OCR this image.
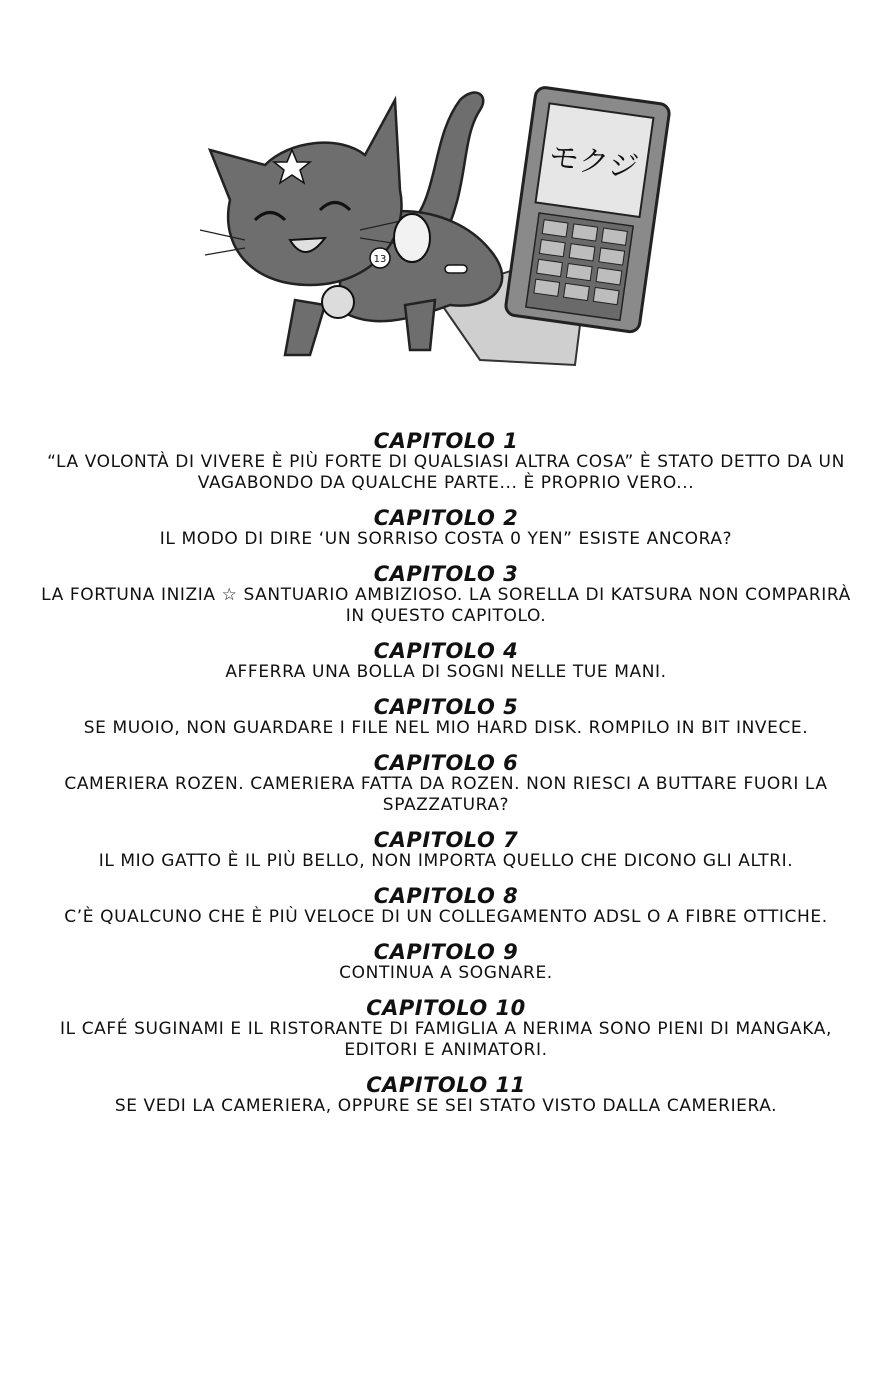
モクジ
13
CAPITOLO 1
“LA VOLONTÀ DI VIVERE È PIÙ FORTE DI QUALSIASI ALTRA COSA” È STATO DETTO DA UN VAGABONDO DA QUALCHE PARTE... È PROPRIO VERO...
CAPITOLO 2
IL MODO DI DIRE ‘UN SORRISO COSTA 0 YEN” ESISTE ANCORA?
CAPITOLO 3
LA FORTUNA INIZIA ☆ SANTUARIO AMBIZIOSO. LA SORELLA DI KATSURA NON COMPARIRÀ IN QUESTO CAPITOLO.
CAPITOLO 4
AFFERRA UNA BOLLA DI SOGNI NELLE TUE MANI.
CAPITOLO 5
SE MUOIO, NON GUARDARE I FILE NEL MIO HARD DISK. ROMPILO IN BIT INVECE.
CAPITOLO 6
CAMERIERA ROZEN. CAMERIERA FATTA DA ROZEN. NON RIESCI A BUTTARE FUORI LA SPAZZATURA?
CAPITOLO 7
IL MIO GATTO È IL PIÙ BELLO, NON IMPORTA QUELLO CHE DICONO GLI ALTRI.
CAPITOLO 8
C’È QUALCUNO CHE È PIÙ VELOCE DI UN COLLEGAMENTO ADSL O A FIBRE OTTICHE.
CAPITOLO 9
CONTINUA A SOGNARE.
CAPITOLO 10
IL CAFÉ SUGINAMI E IL RISTORANTE DI FAMIGLIA A NERIMA SONO PIENI DI MANGAKA, EDITORI E ANIMATORI.
CAPITOLO 11
SE VEDI LA CAMERIERA, OPPURE SE SEI STATO VISTO DALLA CAMERIERA.
